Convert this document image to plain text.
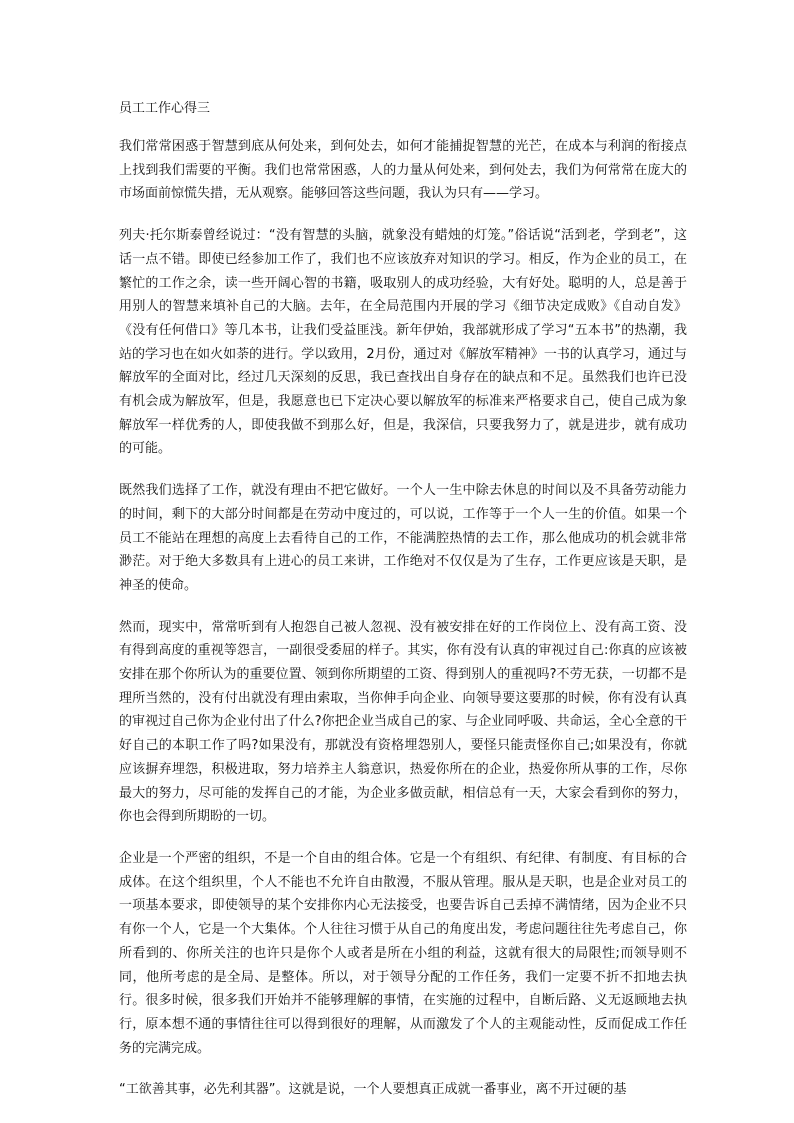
员工工作心得三

我们常常困惑于智慧到底从何处来，到何处去，如何才能捕捉智慧的光芒，在成本与利润的衔接点上找到我们需要的平衡。我们也常常困惑，人的力量从何处来，到何处去，我们为何常常在庞大的市场面前惊慌失措，无从观察。能够回答这些问题，我认为只有——学习。

列夫·托尔斯泰曾经说过：“没有智慧的头脑，就象没有蜡烛的灯笼。”俗话说“活到老，学到老”，这话一点不错。即使已经参加工作了，我们也不应该放弃对知识的学习。相反，作为企业的员工，在繁忙的工作之余，读一些开阔心智的书籍，吸取别人的成功经验，大有好处。聪明的人，总是善于用别人的智慧来填补自己的大脑。去年，在全局范围内开展的学习《细节决定成败》《自动自发》《没有任何借口》等几本书，让我们受益匪浅。新年伊始，我部就形成了学习“五本书”的热潮，我站的学习也在如火如荼的进行。学以致用，2月份，通过对《解放军精神》一书的认真学习，通过与解放军的全面对比，经过几天深刻的反思，我已查找出自身存在的缺点和不足。虽然我们也许已没有机会成为解放军，但是，我愿意也已下定决心要以解放军的标准来严格要求自己，使自己成为象解放军一样优秀的人，即使我做不到那么好，但是，我深信，只要我努力了，就是进步，就有成功的可能。

既然我们选择了工作，就没有理由不把它做好。一个人一生中除去休息的时间以及不具备劳动能力的时间，剩下的大部分时间都是在劳动中度过的，可以说，工作等于一个人一生的价值。如果一个员工不能站在理想的高度上去看待自己的工作，不能满腔热情的去工作，那么他成功的机会就非常渺茫。对于绝大多数具有上进心的员工来讲，工作绝对不仅仅是为了生存，工作更应该是天职，是神圣的使命。

然而，现实中，常常听到有人抱怨自己被人忽视、没有被安排在好的工作岗位上、没有高工资、没有得到高度的重视等怨言，一副很受委屈的样子。其实，你有没有认真的审视过自己:你真的应该被安排在那个你所认为的重要位置、领到你所期望的工资、得到别人的重视吗?不劳无获，一切都不是理所当然的，没有付出就没有理由索取，当你伸手向企业、向领导要这要那的时候，你有没有认真的审视过自己你为企业付出了什么?你把企业当成自己的家、与企业同呼吸、共命运，全心全意的干好自己的本职工作了吗?如果没有，那就没有资格埋怨别人，要怪只能责怪你自己;如果没有，你就应该摒弃埋怨，积极进取，努力培养主人翁意识，热爱你所在的企业，热爱你所从事的工作，尽你最大的努力，尽可能的发挥自己的才能，为企业多做贡献，相信总有一天，大家会看到你的努力，你也会得到所期盼的一切。

企业是一个严密的组织，不是一个自由的组合体。它是一个有组织、有纪律、有制度、有目标的合成体。在这个组织里，个人不能也不允许自由散漫，不服从管理。服从是天职，也是企业对员工的一项基本要求，即使领导的某个安排你内心无法接受，也要告诉自己丢掉不满情绪，因为企业不只有你一个人，它是一个大集体。个人往往习惯于从自己的角度出发，考虑问题往往先考虑自己，你所看到的、你所关注的也许只是你个人或者是所在小组的利益，这就有很大的局限性;而领导则不同，他所考虑的是全局、是整体。所以，对于领导分配的工作任务，我们一定要不折不扣地去执行。很多时候，很多我们开始并不能够理解的事情，在实施的过程中，自断后路、义无返顾地去执行，原本想不通的事情往往可以得到很好的理解，从而激发了个人的主观能动性，反而促成工作任务的完满完成。

“工欲善其事，必先利其器”。这就是说，一个人要想真正成就一番事业，离不开过硬的基
